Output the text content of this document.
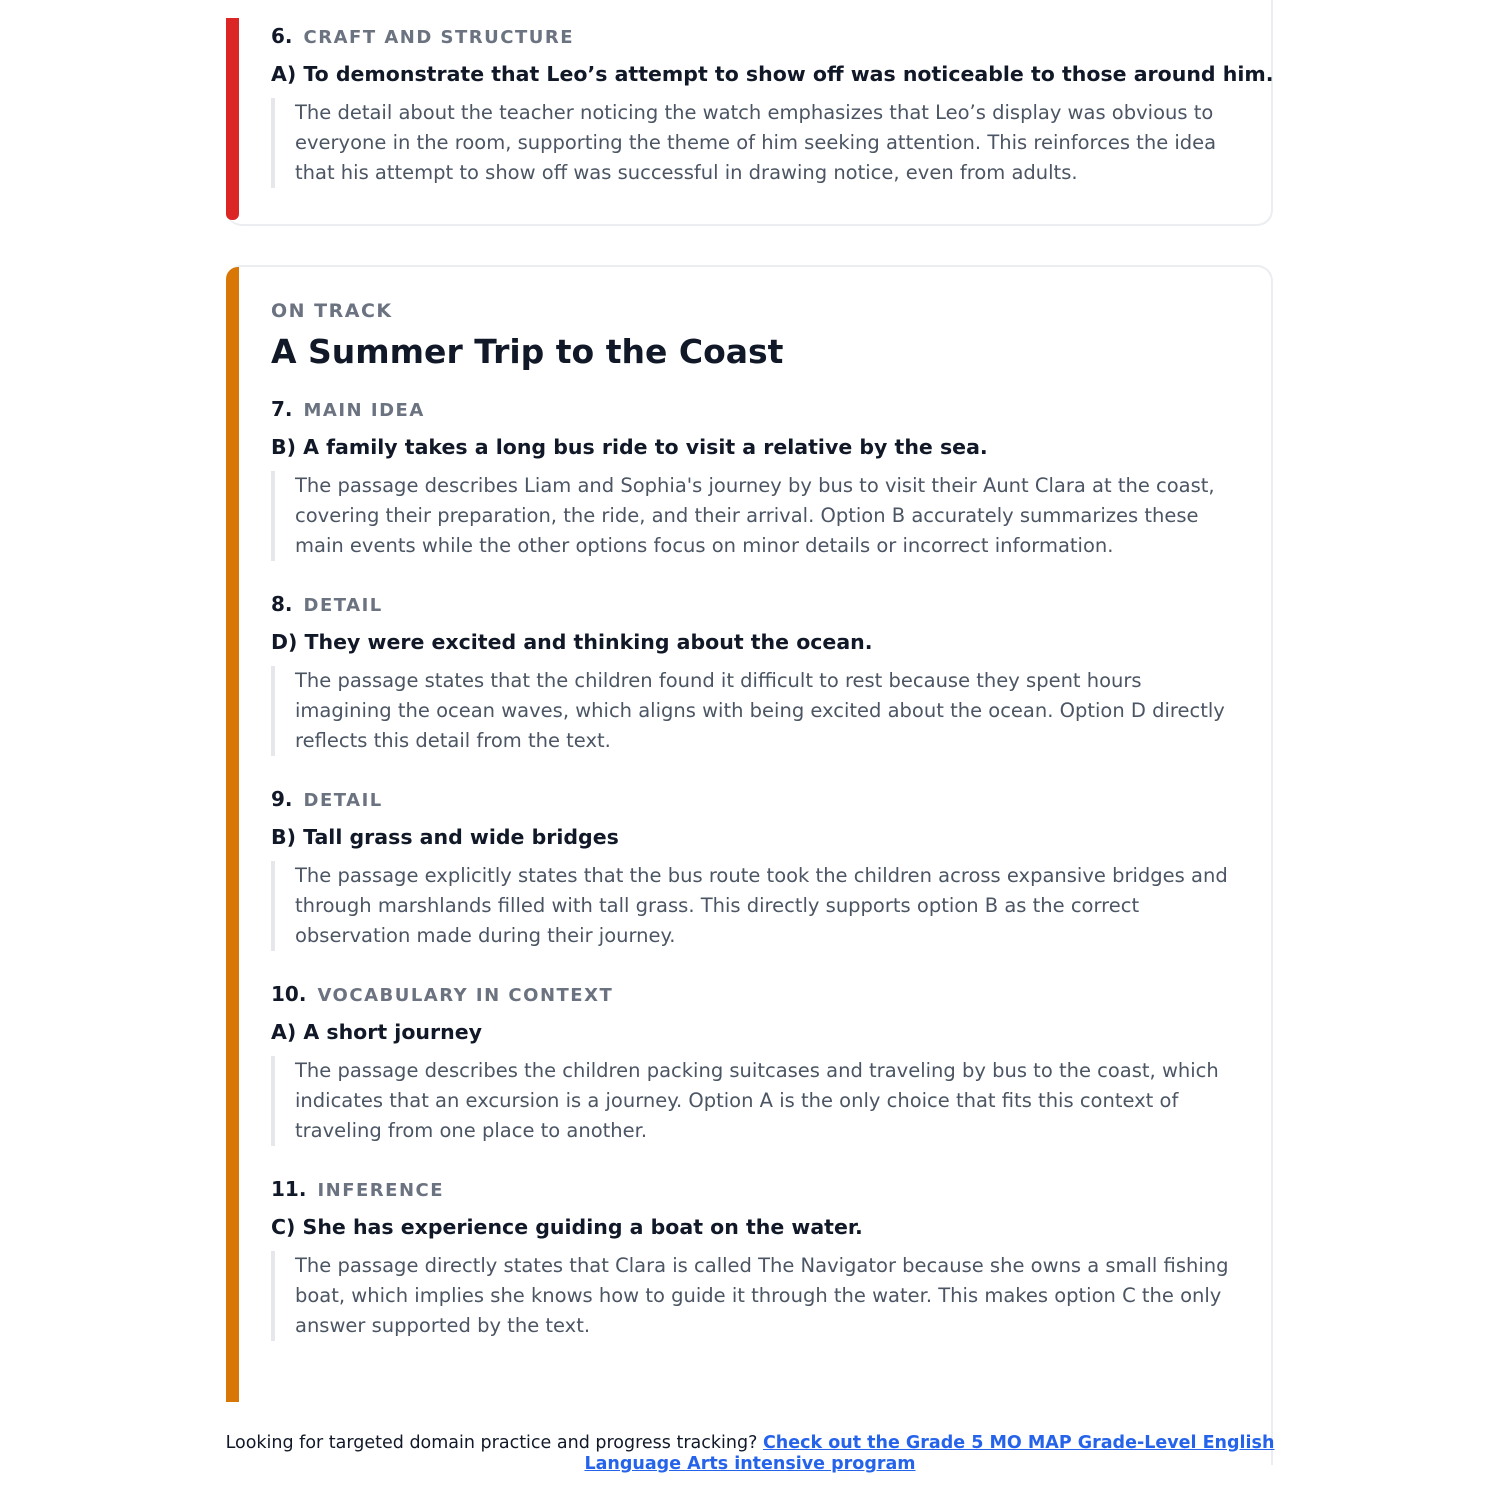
6. CRAFT AND STRUCTURE
A) To demonstrate that Leo’s attempt to show off was noticeable to those around him.
The detail about the teacher noticing the watch emphasizes that Leo’s display was obvious to everyone in the room, supporting the theme of him seeking attention. This reinforces the idea that his attempt to show off was successful in drawing notice, even from adults.

ON TRACK

A Summer Trip to the Coast
7. MAIN IDEA
B) A family takes a long bus ride to visit a relative by the sea.
The passage describes Liam and Sophia's journey by bus to visit their Aunt Clara at the coast, covering their preparation, the ride, and their arrival. Option B accurately summarizes these main events while the other options focus on minor details or incorrect information.
8. DETAIL
D) They were excited and thinking about the ocean.
The passage states that the children found it difficult to rest because they spent hours imagining the ocean waves, which aligns with being excited about the ocean. Option D directly reflects this detail from the text.
9. DETAIL
B) Tall grass and wide bridges
The passage explicitly states that the bus route took the children across expansive bridges and through marshlands filled with tall grass. This directly supports option B as the correct observation made during their journey.
10. VOCABULARY IN CONTEXT
A) A short journey
The passage describes the children packing suitcases and traveling by bus to the coast, which indicates that an excursion is a journey. Option A is the only choice that fits this context of traveling from one place to another.
11. INFERENCE
C) She has experience guiding a boat on the water.
The passage directly states that Clara is called The Navigator because she owns a small fishing boat, which implies she knows how to guide it through the water. This makes option C the only answer supported by the text.
Looking for targeted domain practice and progress tracking? Check out the Grade 5 MO MAP Grade-Level English Language Arts intensive program
